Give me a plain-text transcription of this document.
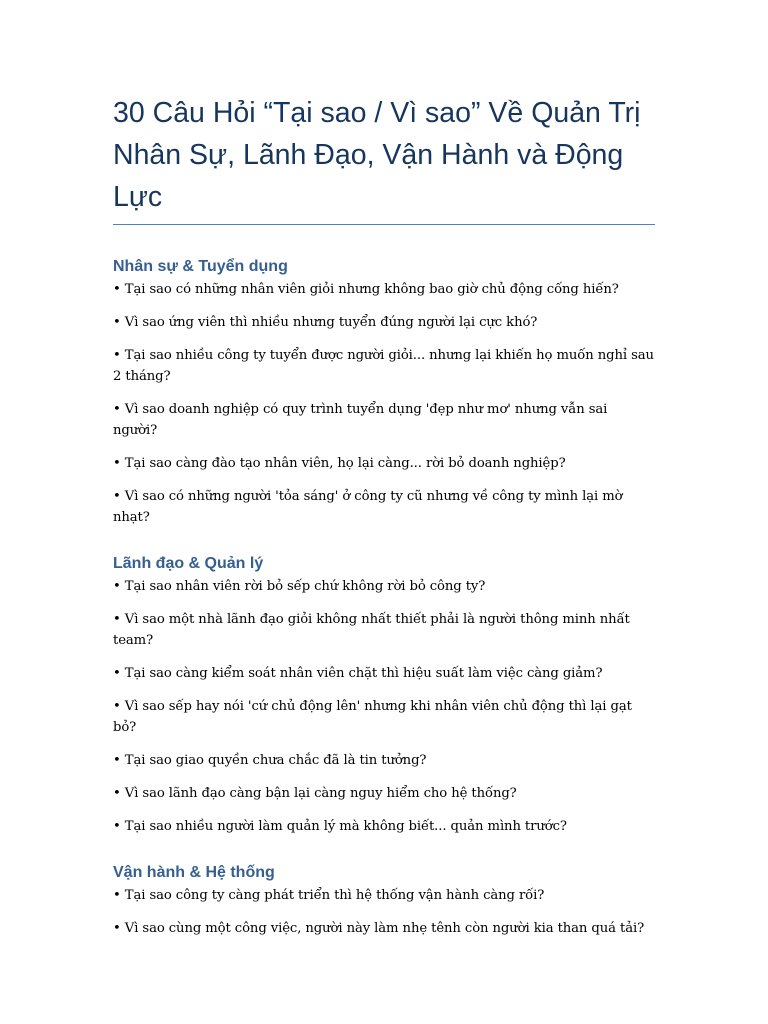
30 Câu Hỏi “Tại sao / Vì sao” Về Quản Trị Nhân Sự, Lãnh Đạo, Vận Hành và Động Lực
Nhân sự & Tuyển dụng

• Tại sao có những nhân viên giỏi nhưng không bao giờ chủ động cống hiến?

• Vì sao ứng viên thì nhiều nhưng tuyển đúng người lại cực khó?

• Tại sao nhiều công ty tuyển được người giỏi... nhưng lại khiến họ muốn nghỉ sau 2 tháng?

• Vì sao doanh nghiệp có quy trình tuyển dụng 'đẹp như mơ' nhưng vẫn sai người?

• Tại sao càng đào tạo nhân viên, họ lại càng... rời bỏ doanh nghiệp?

• Vì sao có những người 'tỏa sáng' ở công ty cũ nhưng về công ty mình lại mờ nhạt?

Lãnh đạo & Quản lý

• Tại sao nhân viên rời bỏ sếp chứ không rời bỏ công ty?

• Vì sao một nhà lãnh đạo giỏi không nhất thiết phải là người thông minh nhất team?

• Tại sao càng kiểm soát nhân viên chặt thì hiệu suất làm việc càng giảm?

• Vì sao sếp hay nói 'cứ chủ động lên' nhưng khi nhân viên chủ động thì lại gạt bỏ?

• Tại sao giao quyền chưa chắc đã là tin tưởng?

• Vì sao lãnh đạo càng bận lại càng nguy hiểm cho hệ thống?

• Tại sao nhiều người làm quản lý mà không biết... quản mình trước?

Vận hành & Hệ thống

• Tại sao công ty càng phát triển thì hệ thống vận hành càng rối?

• Vì sao cùng một công việc, người này làm nhẹ tênh còn người kia than quá tải?
